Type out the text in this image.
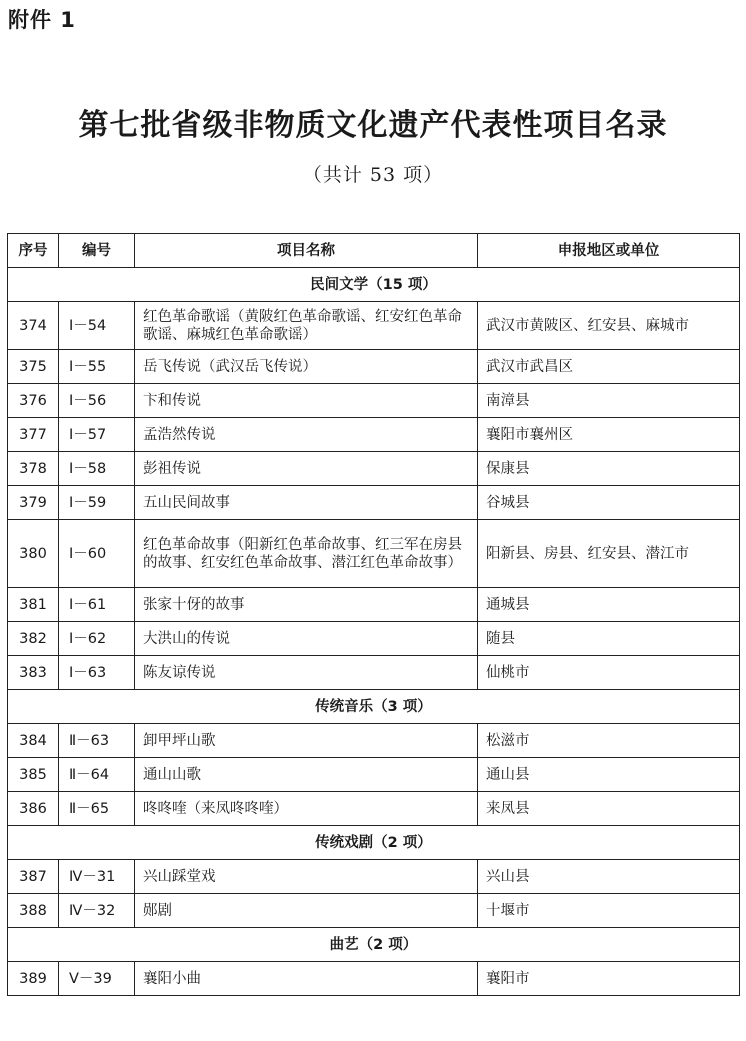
附件 1
第七批省级非物质文化遗产代表性项目名录
（共计 53 项）
序号	编号	项目名称	申报地区或单位
民间文学（15 项）			
374	Ⅰ－54	红色革命歌谣（黄陂红色革命歌谣、红安红色革命歌谣、麻城红色革命歌谣）	武汉市黄陂区、红安县、麻城市
375	Ⅰ－55	岳飞传说（武汉岳飞传说）	武汉市武昌区
376	Ⅰ－56	卞和传说	南漳县
377	Ⅰ－57	孟浩然传说	襄阳市襄州区
378	Ⅰ－58	彭祖传说	保康县
379	Ⅰ－59	五山民间故事	谷城县
380	Ⅰ－60	红色革命故事（阳新红色革命故事、红三军在房县的故事、红安红色革命故事、潜江红色革命故事）	阳新县、房县、红安县、潜江市
381	Ⅰ－61	张家十伢的故事	通城县
382	Ⅰ－62	大洪山的传说	随县
383	Ⅰ－63	陈友谅传说	仙桃市
传统音乐（3 项）			
384	Ⅱ－63	卸甲坪山歌	松滋市
385	Ⅱ－64	通山山歌	通山县
386	Ⅱ－65	咚咚喹（来凤咚咚喹）	来凤县
传统戏剧（2 项）			
387	Ⅳ－31	兴山踩堂戏	兴山县
388	Ⅳ－32	郧剧	十堰市
曲艺（2 项）			
389	Ⅴ－39	襄阳小曲	襄阳市
